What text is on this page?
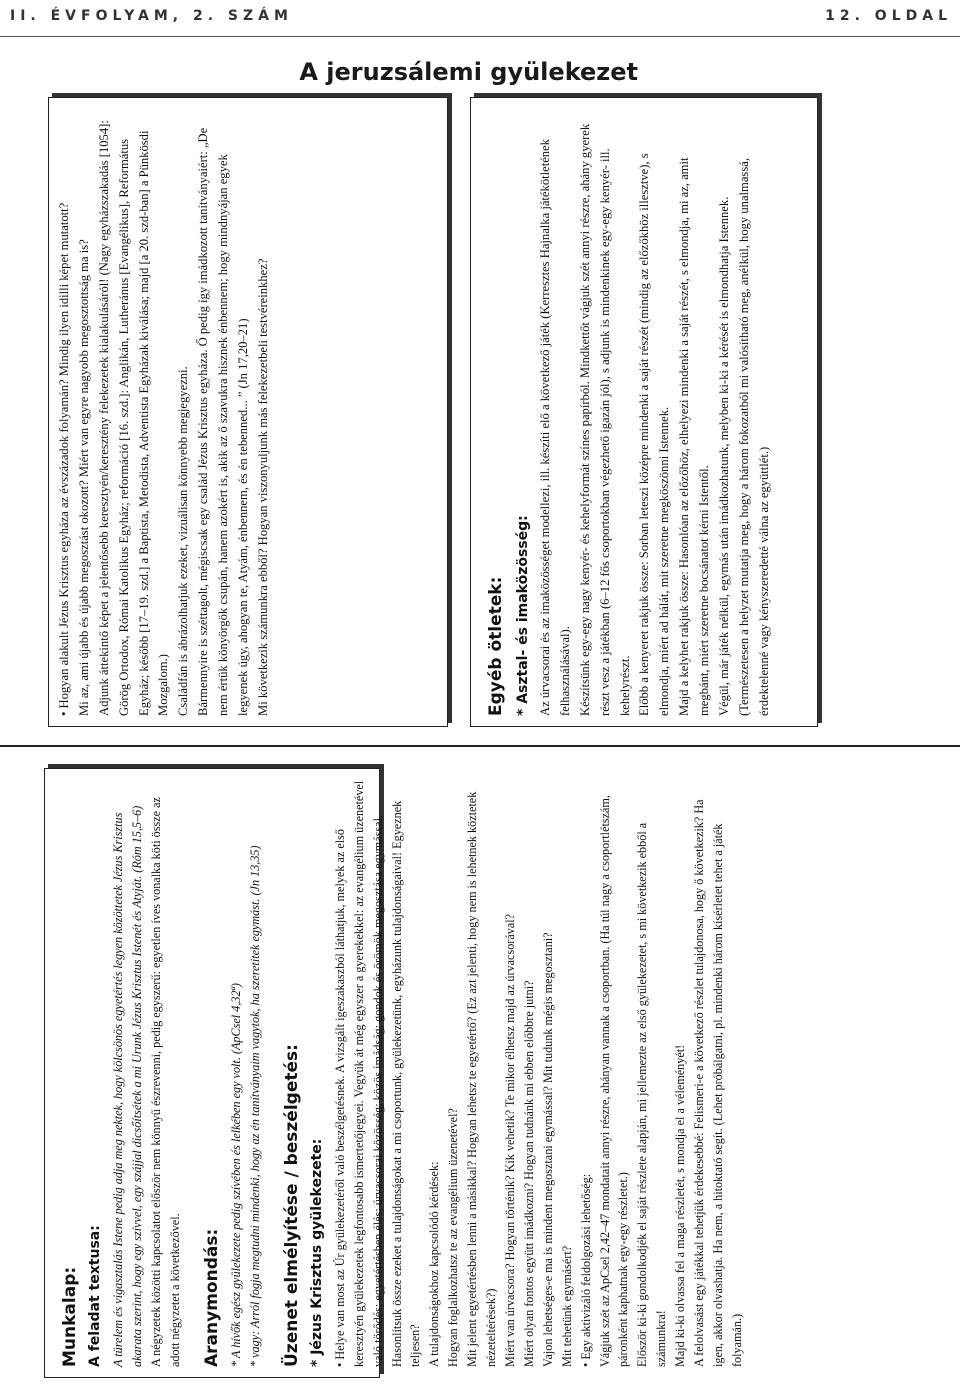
II. ÉVFOLYAM, 2. SZÁM	12. OLDAL
A jeruzsálemi gyülekezet
Munkalap: A feladat textusa: A türelem és vigasztalás Istene pedig adja meg nektek, hogy kölcsönös egyetértés legyen közöttetek Jézus Krisztus akarata szerint, hogy egy szívvel, egy szájjal dicsőítsétek a mi Urunk Jézus Krisztus Istenét és Atyját. (Róm 15,5–6) A négyzetek közötti kapcsolatot először nem könnyű észrevenni, pedig egyszerű: egyetlen íves vonalka köti össze az adott négyzetet a következővel. Aranymondás: * A hívők egész gyülekezete pedig szívében és lelkében egy volt. (ApCsel 4,32ª) * vagy: Arról fogja megtudni mindenki, hogy az én tanítványaim vagytok, ha szeretitek egymást. (Jn 13,35) Üzenet elmélyítése / beszélgetés: * Jézus Krisztus gyülekezete: • Helye van most az Úr gyülekezetéről való beszélgetésnek. A vizsgált igeszakaszból láthatjuk, melyek az első keresztyén gyülekezetek legfontosabb ismertetőjegyei. Vegyük át még egyszer a gyerekekkel: az evangélium üzenetével való törődés; egyetértésben élés; úrvacsorai közösség; közös imádság; gondok és örömök megosztása egymással. Hasonlítsuk össze ezeket a tulajdonságokat a mi csoportunk, gyülekezetünk, egyházunk tulajdonságaival! Egyeznek teljesen? A tulajdonságokhoz kapcsolódó kérdések: Hogyan foglalkozhatsz te az evangélium üzenetével? Mit jelent egyetértésben lenni a másikkal? Hogyan lehetsz te egyetértő? (Ez azt jelenti, hogy nem is lehetnek köztetek nézeteltérések?) Miért van úrvacsora? Hogyan történik? Kik vehetik? Te mikor élhetsz majd az úrvacsorával? Miért olyan fontos együtt imádkozni? Hogyan tudnánk mi ebben előbbre jutni? Vajon lehetséges-e ma is mindent megosztani egymással? Mit tudunk mégis megosztani? Mit tehetünk egymásért? • Egy aktivizáló feldolgozási lehetőség: Vágjuk szét az ApCsel 2,42–47 mondatait annyi részre, ahányan vannak a csoportban. (Ha túl nagy a csoportlétszám, páronként kaphatnak egy-egy részletet.) Először ki-ki gondolkodjék el saját részlete alapján, mi jellemezte az első gyülekezetet, s mi következik ebből a számunkra! Majd ki-ki olvassa fel a maga részletét, s mondja el a véleményét! A felolvasást egy játékkal tehetjük érdekesebbé: Felismeri-e a következő részlet tulajdonosa, hogy ő következik? Ha igen, akkor olvashatja. Ha nem, a hitoktató segít. (Lehet próbálgatni, pl. mindenki három kísérletet tehet a játék folyamán.)

• Hogyan alakult Jézus Krisztus egyháza az évszázadok folyamán? Mindig ilyen idilli képet mutatott? Mi az, ami újabb és újabb megosztást okozott? Miért van egyre nagyobb megosztottság ma is? Adjunk áttekintő képet a jelentősebb keresztyén/keresztény felekezetek kialakulásáról! (Nagy egyházszakadás [1054]: Görög Ortodox, Római Katolikus Egyház; reformáció [16. szd.]: Anglikán, Lutheránus [Evangélikus], Református Egyház; később [17–19. szd.] a Baptista, Metodista, Adventista Egyházak kiválása; majd [a 20. szd-ban] a Pünkösdi Mozgalom.) Családfán is ábrázolhatjuk ezeket, vizuálisan könnyebb megjegyezni. Bármennyire is széttagolt, mégiscsak egy család Jézus Krisztus egyháza. Ő pedig így imádkozott tanítványaiért: „De nem értük könyörgök csupán, hanem azokért is, akik az ő szavukra hisznek énbennem; hogy mindnyájan egyek legyenek úgy, ahogyan te, Atyám, énbennem, és én tebenned... ” (Jn 17,20–21) Mi következik számunkra ebből? Hogyan viszonyuljunk más felekezetbeli testvéreinkhez?	Egyéb ötletek: * Asztal- és imaközösség: Az úrvacsorai és az imaközösséget modellezi, ill. készíti elő a következő játék (Kerresztes Hajnalka játékötletének felhasználásával). Készítsünk egy-egy nagy kenyér- és kehelyformát színes papírból. Mindkettőt vágjuk szét annyi részre, ahány gyerek részt vesz a játékban (6–12 fős csoportokban végezhető igazán jól), s adjunk is mindenkinek egy-egy kenyér- ill. kehelyrészt. Előbb a kenyeret rakjuk össze: Sorban leteszi középre mindenki a saját részét (mindig az előzőkhöz illesztve), s elmondja, miért ad hálát, mit szeretne megköszönni Istennek. Majd a kelyhet rakjuk össze: Hasonlóan az előzőhöz, elhelyezi mindenki a saját részét, s elmondja, mi az, amit megbánt, miért szeretne bocsánatot kérni Istentől. Végül, már játék nélkül, egymás után imádkozhatunk, melyben ki-ki a kérését is elmondhatja Istennek. (Természetesen a helyzet mutatja meg, hogy a három fokozatból mi valósítható meg, anélkül, hogy unalmassá, érdektelenné vagy kényszeredetté válna az együttlét.)
